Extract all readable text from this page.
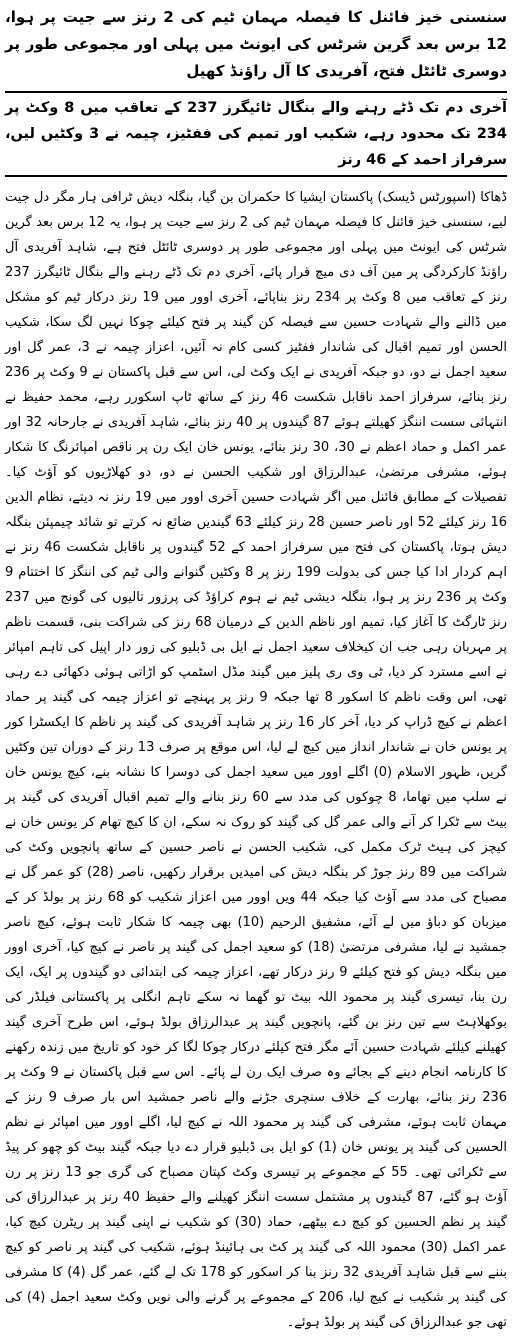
سنسنی خیز فائنل کا فیصلہ مہمان ٹیم کی 2 رنز سے جیت پر ہوا، 12 برس بعد گرین شرٹس کی ایونٹ میں پہلی اور مجموعی طور پر دوسری ٹائٹل فتح، آفریدی کا آل راؤنڈ کھیل

آخری دم تک ڈٹے رہنے والے بنگال ٹائیگرز 237 کے تعاقب میں 8 وکٹ پر 234 تک محدود رہے، شکیب اور تمیم کی ففٹیز، چیمہ نے 3 وکٹیں لیں، سرفراز احمد کے 46 رنز

ڈھاکا (اسپورٹس ڈیسک) پاکستان ایشیا کا حکمران بن گیا، بنگلہ دیش ٹرافی ہار مگر دل جیت لیے، سنسنی خیز فائنل کا فیصلہ مہمان ٹیم کی 2 رنز سے جیت پر ہوا، یہ 12 برس بعد گرین شرٹس کی ایونٹ میں پہلی اور مجموعی طور پر دوسری ٹائٹل فتح ہے، شاہد آفریدی آل راؤنڈ کارکردگی پر مین آف دی میچ قرار پائے، آخری دم تک ڈٹے رہنے والے بنگال ٹائیگرز 237 رنز کے تعاقب میں 8 وکٹ پر 234 رنز بناپائے، آخری اوور میں 19 رنز درکار ٹیم کو مشکل میں ڈالنے والے شہادت حسین سے فیصلہ کن گیند پر فتح کیلئے چوکا نہیں لگ سکا، شکیب الحسن اور تمیم اقبال کی شاندار ففٹیز کسی کام نہ آئیں، اعزاز چیمہ نے 3، عمر گل اور سعید اجمل نے دو، دو جبکہ آفریدی نے ایک وکٹ لی، اس سے قبل پاکستان نے 9 وکٹ پر 236 رنز بنائے، سرفراز احمد ناقابل شکست 46 رنز کے ساتھ ٹاپ اسکورر رہے، محمد حفیظ نے انتہائی سست اننگز کھیلتے ہوئے 87 گیندوں پر 40 رنز بنائے، شاہد آفریدی نے جارحانہ 32 اور عمر اکمل و حماد اعظم نے 30، 30 رنز بنائے، یونس خان ایک رن پر ناقص امپائرنگ کا شکار ہوئے، مشرفی مرتضیٰ، عبدالرزاق اور شکیب الحسن نے دو، دو کھلاڑیوں کو آؤٹ کیا۔ تفصیلات کے مطابق فائنل میں اگر شہادت حسین آخری اوور میں 19 رنز نہ دیتے، نظام الدین 16 رنز کیلئے 52 اور ناصر حسین 28 رنز کیلئے 63 گیندیں ضائع نہ کرتے تو شائد چیمپئن بنگلہ دیش ہوتا، پاکستان کی فتح میں سرفراز احمد کے 52 گیندوں پر ناقابل شکست 46 رنز نے اہم کردار ادا کیا جس کی بدولت 199 رنز پر 8 وکٹیں گنوانے والی ٹیم کی اننگز کا اختتام 9 وکٹ پر 236 رنز پر ہوا، بنگلہ دیشی ٹیم نے ہوم کراؤڈ کی پرزور تالیوں کی گونج میں 237 رنز ٹارگٹ کا آغاز کیا، تمیم اور ناظم الدین کے درمیان 68 رنز کی شراکت بنی، قسمت ناظم پر مہربان رہی جب ان کیخلاف سعید اجمل نے ایل بی ڈبلیو کی زور دار اپیل کی تاہم امپائر نے اسے مسترد کر دیا، ٹی وی ری پلیز میں گیند مڈل اسٹمپ کو اڑاتی ہوئی دکھائی دے رہی تھی، اس وقت ناظم کا اسکور 8 تھا جبکہ 9 رنز پر پہنچے تو اعزاز چیمہ کی گیند پر حماد اعظم نے کیچ ڈراپ کر دیا، آخر کار 16 رنز پر شاہد آفریدی کی گیند پر ناظم کا ایکسٹرا کور پر یونس خان نے شاندار انداز میں کیچ لے لیا، اس موقع پر صرف 13 رنز کے دوران تین وکٹیں گریں، ظہور الاسلام (0) اگلے اوور میں سعید اجمل کی دوسرا کا نشانہ بنے، کیچ یونس خان نے سلپ میں تھاما، 8 چوکوں کی مدد سے 60 رنز بنانے والے تمیم اقبال آفریدی کی گیند پر بیٹ سے ٹکرا کر آنے والی عمر گل کی گیند کو روک نہ سکے، ان کا کیچ تھام کر یونس خان نے کیچز کی ہیٹ ٹرک مکمل کی، شکیب الحسن نے ناصر حسین کے ساتھ پانچویں وکٹ کی شراکت میں 89 رنز جوڑ کر بنگلہ دیش کی امیدیں برقرار رکھیں، ناصر (28) کو عمر گل نے مصباح کی مدد سے آؤٹ کیا جبکہ 44 ویں اوور میں اعزاز شکیب کو 68 رنز پر بولڈ کر کے میزبان کو دباؤ میں لے آئے، مشفیق الرحیم (10) بھی چیمہ کا شکار ثابت ہوئے، کیچ ناصر جمشید نے لیا، مشرفی مرتضیٰ (18) کو سعید اجمل کی گیند پر ناصر نے کیچ کیا، آخری اوور میں بنگلہ دیش کو فتح کیلئے 9 رنز درکار تھے، اعزاز چیمہ کی ابتدائی دو گیندوں پر ایک، ایک رن بنا، تیسری گیند پر محمود اللہ بیٹ تو گھما نہ سکے تاہم انگلی پر پاکستانی فیلڈر کی بوکھلاہٹ سے تین رنز بن گئے، پانچویں گیند پر عبدالرزاق بولڈ ہوئے، اس طرح آخری گیند کھیلنے کیلئے شہادت حسین آئے مگر فتح کیلئے درکار چوکا لگا کر خود کو تاریخ میں زندہ رکھنے کا کارنامہ انجام دینے کے بجائے وہ صرف ایک رن لے پائے۔ اس سے قبل پاکستان نے 9 وکٹ پر 236 رنز بنائے، بھارت کے خلاف سنچری جڑنے والے ناصر جمشید اس بار صرف 9 رنز کے مہمان ثابت ہوئے، مشرفی کی گیند پر محمود اللہ نے کیچ لیا، اگلے اوور میں امپائر نے نظم الحسین کی گیند پر یونس خان (1) کو ایل بی ڈبلیو قرار دے دیا جبکہ گیند بیٹ کو چھو کر پیڈ سے ٹکرائی تھی۔ 55 کے مجموعے پر تیسری وکٹ کپتان مصباح کی گری جو 13 رنز پر رن آؤٹ ہو گئے، 87 گیندوں پر مشتمل سست اننگز کھیلنے والے حفیظ 40 رنز پر عبدالرزاق کی گیند پر نظم الحسین کو کیچ دے بیٹھے، حماد (30) کو شکیب نے اپنی گیند پر ریٹرن کیچ کیا، عمر اکمل (30) محمود اللہ کی گیند پر کٹ بی ہائینڈ ہوئے، شکیب کی گیند پر ناصر کو کیچ بننے سے قبل شاہد آفریدی 32 رنز بنا کر اسکور کو 178 تک لے گئے، عمر گل (4) کا مشرفی کی گیند پر شکیب نے کیچ لیا، 206 کے مجموعے پر گرنے والی نویں وکٹ سعید اجمل (4) کی تھی جو عبدالرزاق کی گیند پر بولڈ ہوئے۔
